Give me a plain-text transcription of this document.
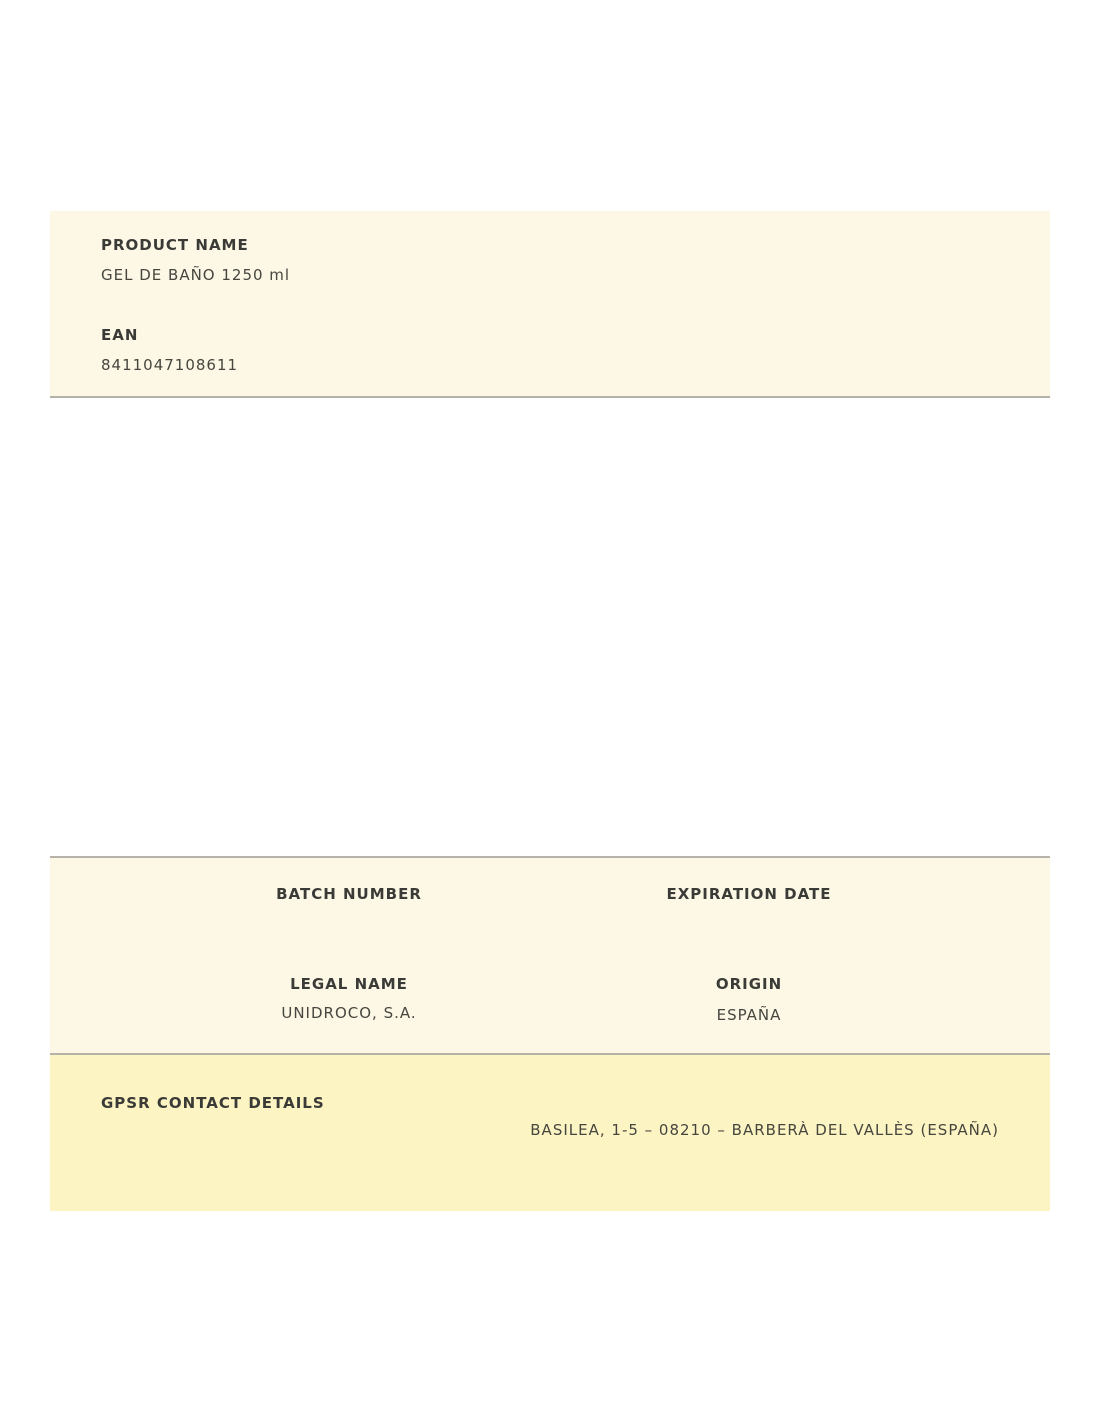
PRODUCT NAME
GEL DE BAÑO 1250 ml
EAN
8411047108611
BATCH NUMBER	EXPIRATION DATE
LEGAL NAME
UNIDROCO, S.A.
ORIGIN
ESPAÑA
GPSR CONTACT DETAILS
BASILEA, 1-5 – 08210 – BARBERÀ DEL VALLÈS (ESPAÑA)
